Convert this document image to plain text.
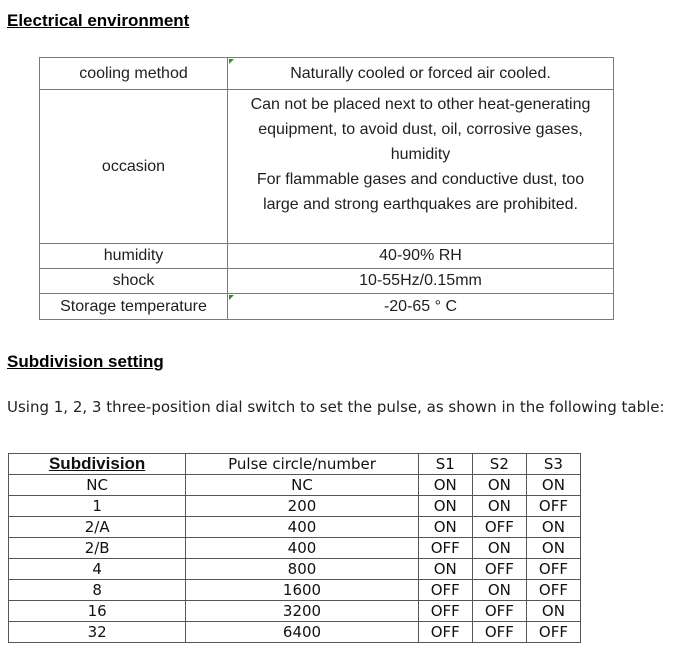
Electrical environment
cooling method	Naturally cooled or forced air cooled.
occasion	Can not be placed next to other heat-generating
equipment, to avoid dust, oil, corrosive gases,
humidity
For flammable gases and conductive dust, too
large and strong earthquakes are prohibited.

humidity	40-90% RH
shock	10-55Hz/0.15mm
Storage temperature	-20-65 ° C
Subdivision setting
Using 1, 2, 3 three-position dial switch to set the pulse, as shown in the following table:
Subdivision	Pulse circle/number	S1	S2	S3
NC	NC	ON	ON	ON
1	200	ON	ON	OFF
2/A	400	ON	OFF	ON
2/B	400	OFF	ON	ON
4	800	ON	OFF	OFF
8	1600	OFF	ON	OFF
16	3200	OFF	OFF	ON
32	6400	OFF	OFF	OFF
